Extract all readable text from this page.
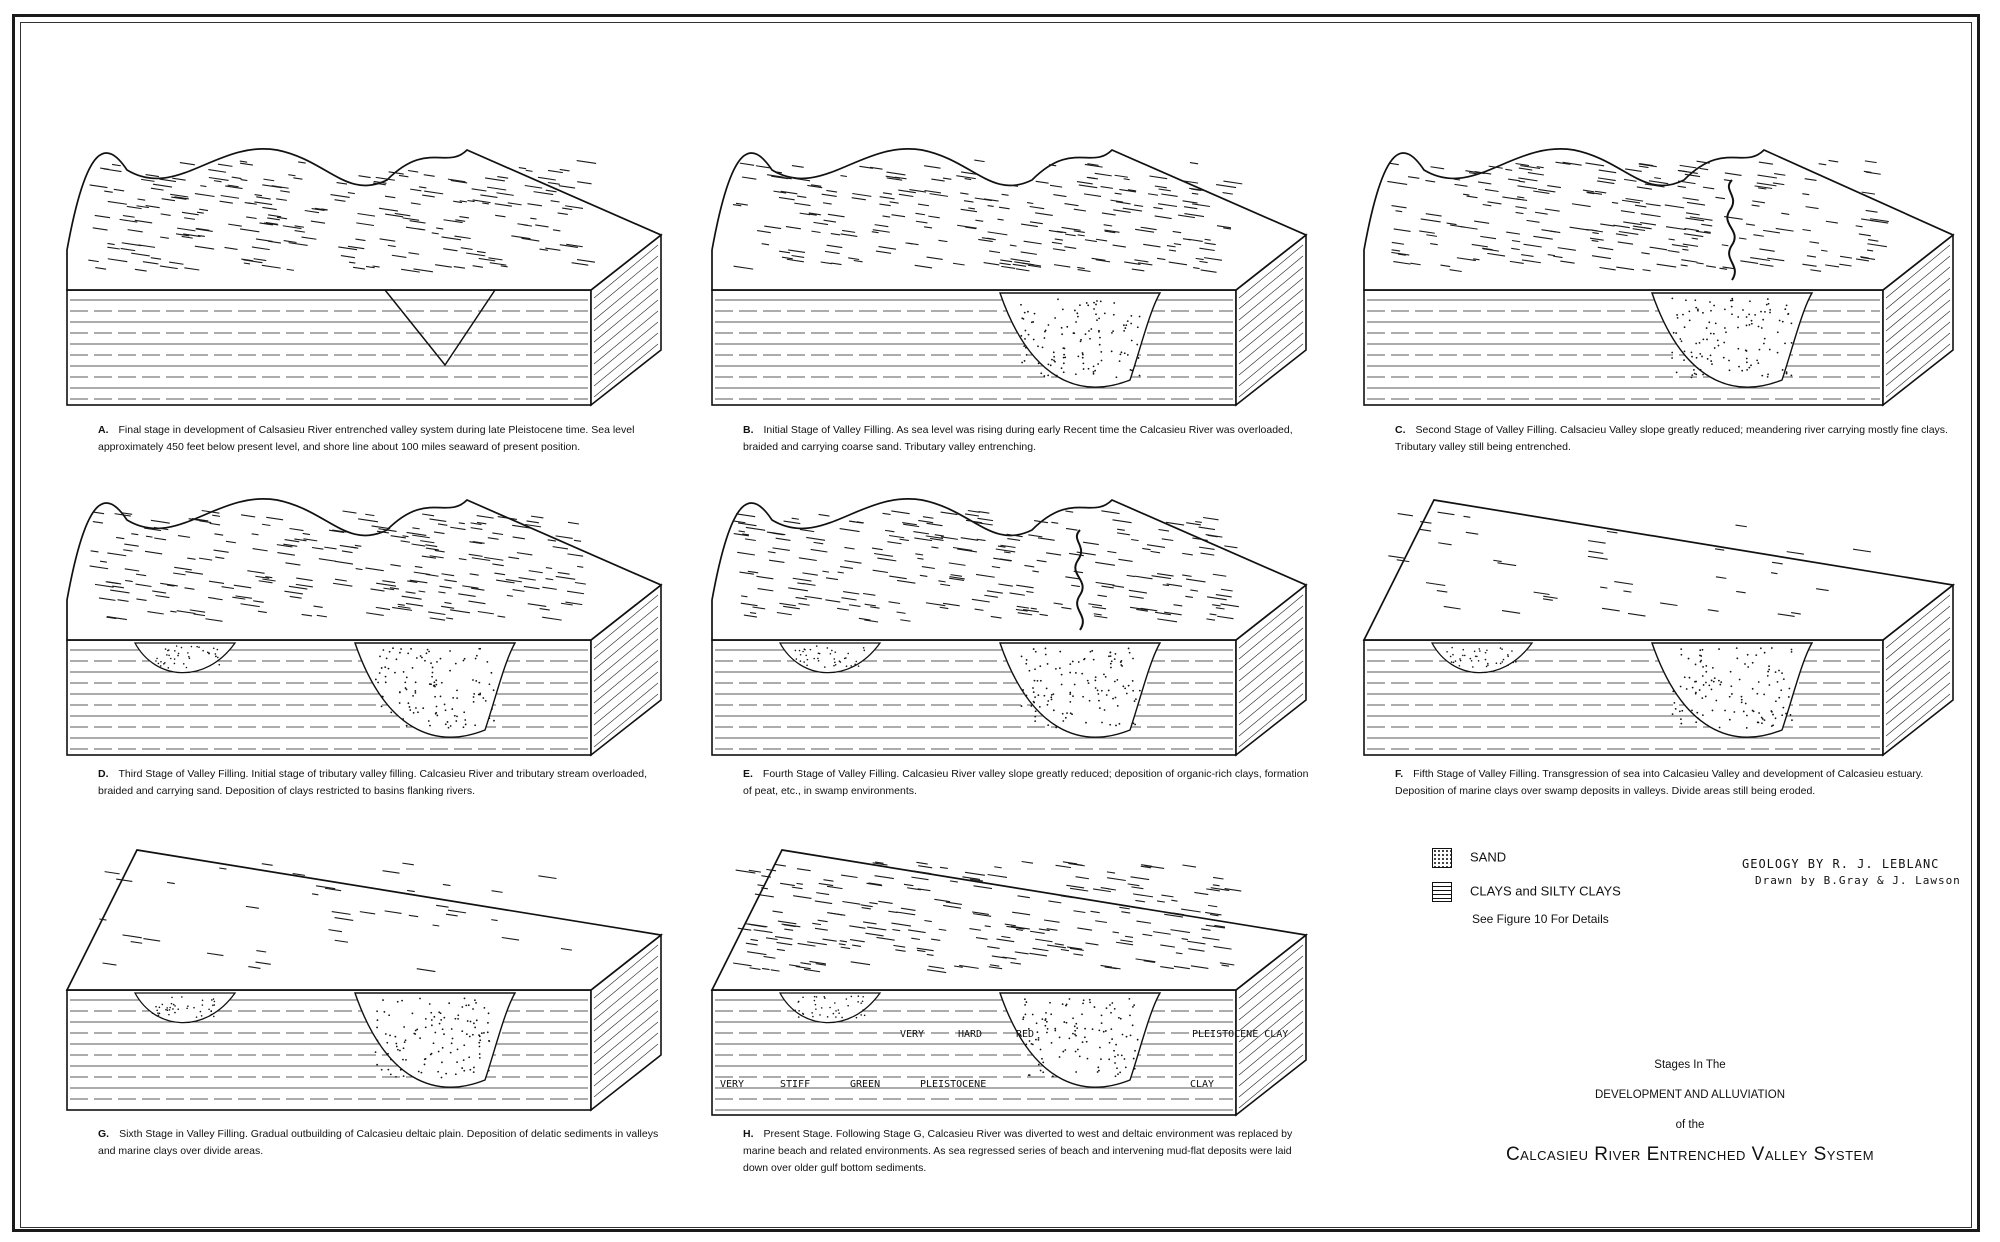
A. Final stage in development of Calsasieu River entrenched valley system during late Pleistocene time. Sea level approximately 450 feet below present level, and shore line about 100 miles seaward of present position.
B. Initial Stage of Valley Filling. As sea level was rising during early Recent time the Calcasieu River was overloaded, braided and carrying coarse sand. Tributary valley entrenching.
C. Second Stage of Valley Filling. Calsacieu Valley slope greatly reduced; meandering river carrying mostly fine clays. Tributary valley still being entrenched.
D. Third Stage of Valley Filling. Initial stage of tributary valley filling. Calcasieu River and tributary stream overloaded, braided and carrying sand. Deposition of clays restricted to basins flanking rivers.
E. Fourth Stage of Valley Filling. Calcasieu River valley slope greatly reduced; deposition of organic-rich clays, formation of peat, etc., in swamp environments.
F. Fifth Stage of Valley Filling. Transgression of sea into Calcasieu Valley and development of Calcasieu estuary. Deposition of marine clays over swamp deposits in valleys. Divide areas still being eroded.
G. Sixth Stage in Valley Filling. Gradual outbuilding of Calcasieu deltaic plain. Deposition of delatic sediments in valleys and marine clays over divide areas.
VERY	HARD	RED	PLEISTOCENE CLAY
VERY	STIFF	GREEN	PLEISTOCENE	CLAY
H. Present Stage. Following Stage G, Calcasieu River was diverted to west and deltaic environment was replaced by marine beach and related environments. As sea regressed series of beach and intervening mud-flat deposits were laid down over older gulf bottom sediments.
SAND
CLAYS and SILTY CLAYS
See Figure 10 For Details
GEOLOGY BY R. J. LEBLANC
Drawn by B.Gray & J. Lawson
Stages In The
DEVELOPMENT AND ALLUVIATION
of the
Calcasieu River Entrenched Valley System
